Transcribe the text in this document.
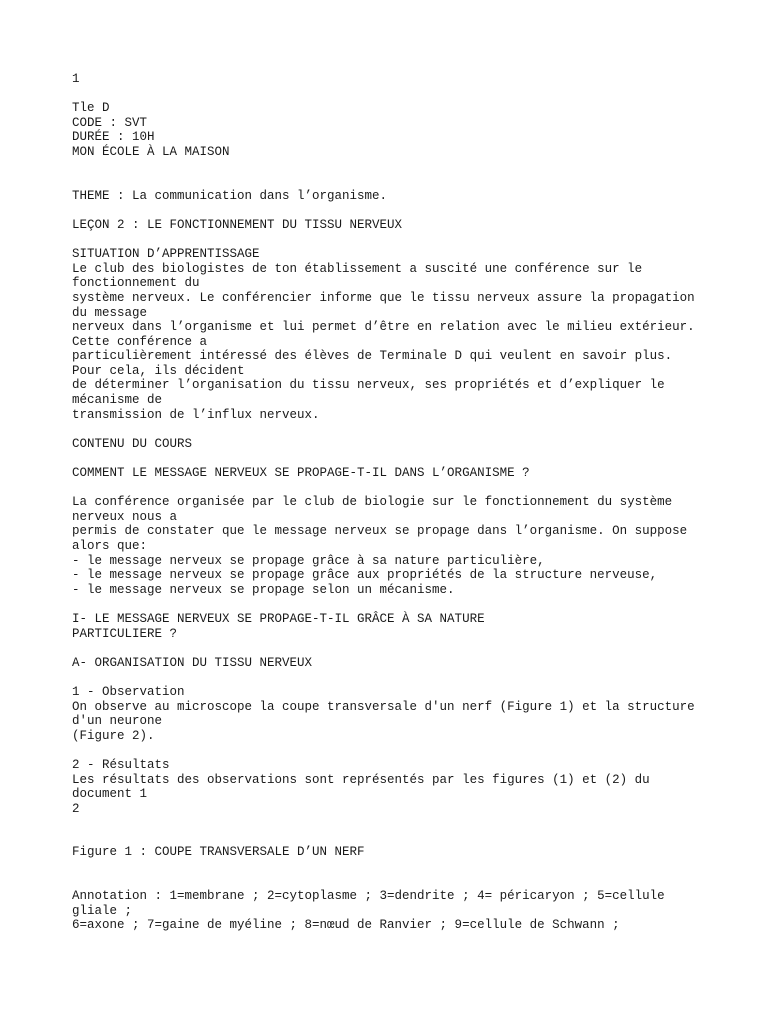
1
Tle D
CODE : SVT
DURÉE : 10H
MON ÉCOLE À LA MAISON
THEME : La communication dans l’organisme.
LEÇON 2 : LE FONCTIONNEMENT DU TISSU NERVEUX
SITUATION D’APPRENTISSAGE
Le club des biologistes de ton établissement a suscité une conférence sur le
fonctionnement du
système nerveux. Le conférencier informe que le tissu nerveux assure la propagation
du message
nerveux dans l’organisme et lui permet d’être en relation avec le milieu extérieur.
Cette conférence a
particulièrement intéressé des élèves de Terminale D qui veulent en savoir plus.
Pour cela, ils décident
de déterminer l’organisation du tissu nerveux, ses propriétés et d’expliquer le
mécanisme de
transmission de l’influx nerveux.
CONTENU DU COURS
COMMENT LE MESSAGE NERVEUX SE PROPAGE-T-IL DANS L’ORGANISME ?
La conférence organisée par le club de biologie sur le fonctionnement du système
nerveux nous a
permis de constater que le message nerveux se propage dans l’organisme. On suppose
alors que:
- le message nerveux se propage grâce à sa nature particulière,
- le message nerveux se propage grâce aux propriétés de la structure nerveuse,
- le message nerveux se propage selon un mécanisme.
I- LE MESSAGE NERVEUX SE PROPAGE-T-IL GRÂCE À SA NATURE
PARTICULIERE ?
A- ORGANISATION DU TISSU NERVEUX
1 - Observation
On observe au microscope la coupe transversale d'un nerf (Figure 1) et la structure
d'un neurone
(Figure 2).
2 - Résultats
Les résultats des observations sont représentés par les figures (1) et (2) du
document 1
2
Figure 1 : COUPE TRANSVERSALE D’UN NERF
Annotation : 1=membrane ; 2=cytoplasme ; 3=dendrite ; 4= péricaryon ; 5=cellule
gliale ;
6=axone ; 7=gaine de myéline ; 8=nœud de Ranvier ; 9=cellule de Schwann ;
